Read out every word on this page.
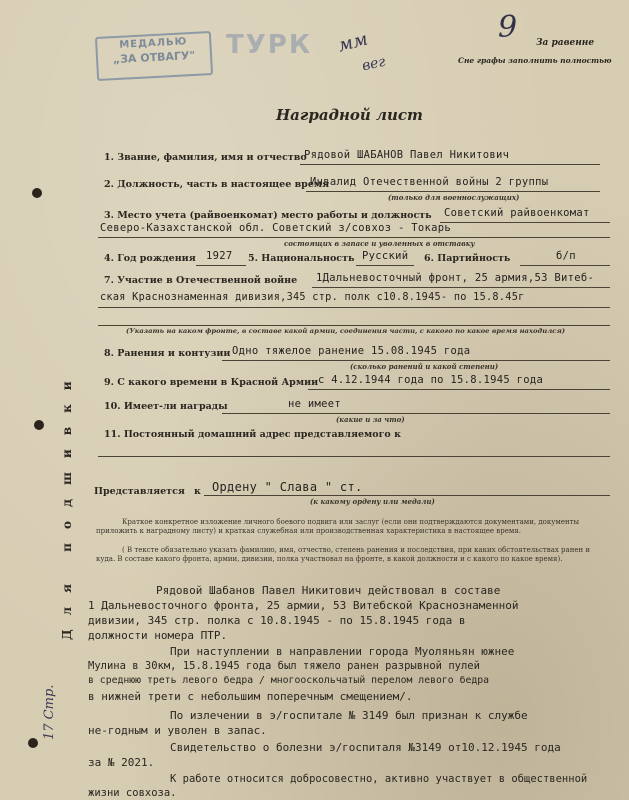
Для подшивки
17 Стр.
МЕДАЛЬЮ
„ЗА ОТВАГУ"	ТУРК мм
вег
9 За равенне
Сне графы заполнить полностью
Наградной лист
1. Звание, фамилия, имя и отчество
Рядовой ШАБАНОВ Павел Никитович
2. Должность, часть в настоящее время
Инвалид Отечественной войны 2 группы
(только для военнослужащих)
3. Место учета (райвоенкомат) место работы и должность Советский райвоенкомат
Северо-Казахстанской обл. Советский з/совхоз - Токарь
состоящих в запасе и уволенных в отставку
4. Год рождения 1927 5. Национальность Русский 6. Партийность	б/п
7. Участие в Отечественной войне 1Дальневосточный фронт, 25 армия,53 Витеб-
ская Краснознаменная дивизия,345 стр. полк с10.8.1945- по 15.8.45г
(Указать на каком фронте, в составе какой армии, соединения части, с какого по какое время находился)
8. Ранения и контузии Одно тяжелое ранение 15.08.1945 года
(сколько ранений и какой степени)
9. С какого времени в Красной Армии с 4.12.1944 года по 15.8.1945 года
10. Имеет-ли награды	не имеет
(какие и за что)
11. Постоянный домашний адрес представляемого к
Представляется к Ордену " Слава " ст.
(к какому ордену или медали)
Краткое конкретное изложение личного боевого подвига или заслуг (если они подтверждаются документами, документы приложить к наградному листу) и краткая служебная или производственная характеристика в настоящее время.
( В тексте обязательно указать фамилию, имя, отчество, степень ранения и последствия, при каких обстоятельствах ранен и куда. В составе какого фронта, армии, дивизии, полка участвовал на фронте, в какой должности и с какого по какое время).
Рядовой Шабанов Павел Никитович действовал в составе
1 Дальневосточного фронта, 25 армии, 53 Витебской Краснознаменной
дивизии, 345 стр. полка с 10.8.1945 - по 15.8.1945 года в
должности номера ПТР.
При наступлении в направлении города Муоляньян южнее
Мулина в 30км, 15.8.1945 года был тяжело ранен разрывной пулей
в среднюю треть левого бедра / многооскольчатый перелом левого бедра
в нижней трети с небольшим поперечным смещением/.
По излечении в э/госпитале № 3149 был признан к службе
не-годным и уволен в запас.
Свидетельство о болезни э/госпиталя №3149 от10.12.1945 года
за № 2021.
К работе относится добросовестно, активно участвует в общественной жизни совхоза.
